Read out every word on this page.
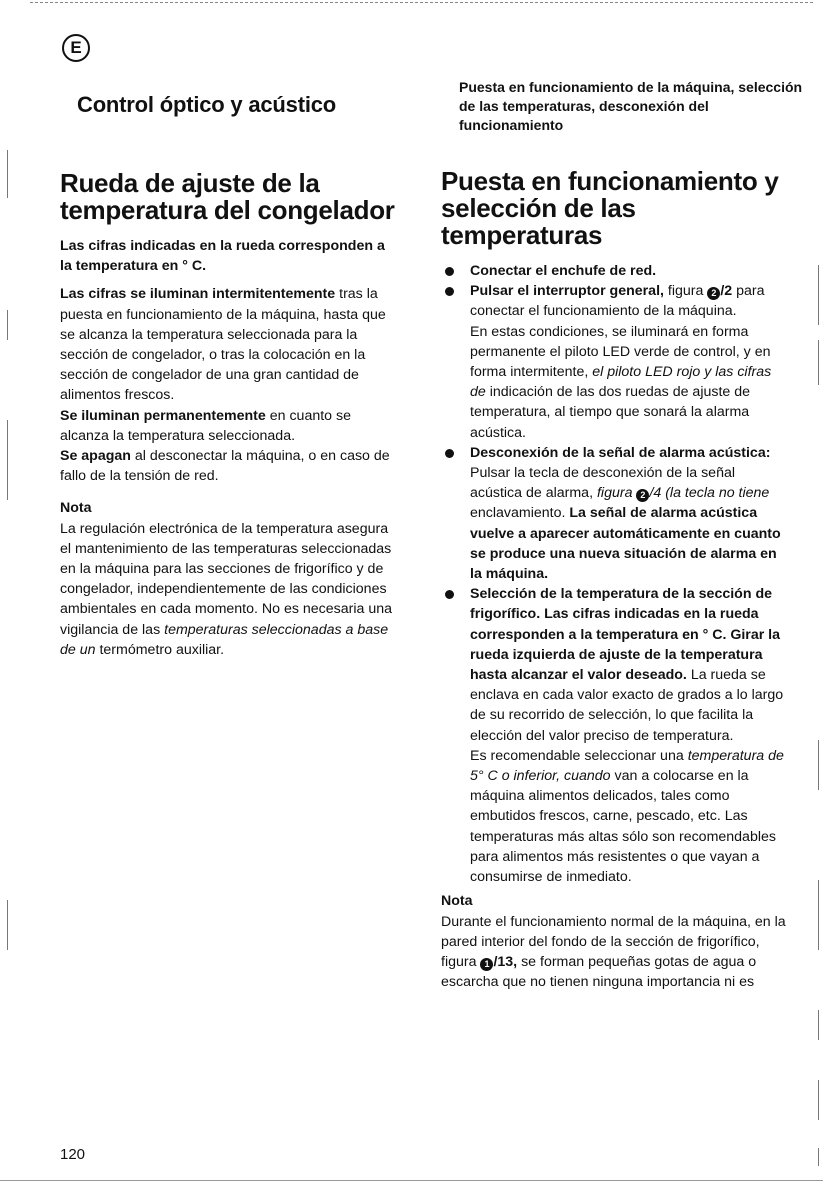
E
Control óptico y acústico

Puesta en funcionamiento de la máquina, selección de las temperaturas, desconexión del funcionamiento

Rueda de ajuste de la temperatura del congelador

Las cifras indicadas en la rueda corresponden a la temperatura en ° C.

Las cifras se iluminan intermitentemente tras la puesta en funcionamiento de la máquina, hasta que se alcanza la temperatura seleccionada para la sección de congelador, o tras la colocación en la sección de congelador de una gran cantidad de alimentos frescos.

Se iluminan permanentemente en cuanto se alcanza la temperatura seleccionada.

Se apagan al desconectar la máquina, o en caso de fallo de la tensión de red.

Nota

La regulación electrónica de la temperatura asegura el mantenimiento de las temperaturas seleccionadas en la máquina para las secciones de frigorífico y de congelador, independientemente de las condiciones ambientales en cada momento. No es necesaria una vigilancia de las temperaturas seleccionadas a base de un termómetro auxiliar.

Puesta en funcionamiento y selección de las temperaturas
Conectar el enchufe de red.
Pulsar el interruptor general, figura 2 /2 para conectar el funcionamiento de la máquina.
En estas condiciones, se iluminará en forma permanente el piloto LED verde de control, y en forma intermitente, el piloto LED rojo y las cifras de indicación de las dos ruedas de ajuste de temperatura, al tiempo que sonará la alarma acústica.
Desconexión de la señal de alarma acústica: Pulsar la tecla de desconexión de la señal acústica de alarma, figura 2 /4 (la tecla no tiene enclavamiento. La señal de alarma acústica vuelve a aparecer automáticamente en cuanto se produce una nueva situación de alarma en la máquina.
Selección de la temperatura de la sección de frigorífico. Las cifras indicadas en la rueda corresponden a la temperatura en ° C. Girar la rueda izquierda de ajuste de la temperatura hasta alcanzar el valor deseado. La rueda se enclava en cada valor exacto de grados a lo largo de su recorrido de selección, lo que facilita la elección del valor preciso de temperatura.
Es recomendable seleccionar una temperatura de 5° C o inferior, cuando van a colocarse en la máquina alimentos delicados, tales como embutidos frescos, carne, pescado, etc. Las temperaturas más altas sólo son recomendables para alimentos más resistentes o que vayan a consumirse de inmediato.

Nota

Durante el funcionamiento normal de la máquina, en la pared interior del fondo de la sección de frigorífico, figura 1 /13, se forman pequeñas gotas de agua o escarcha que no tienen ninguna importancia ni es

120
